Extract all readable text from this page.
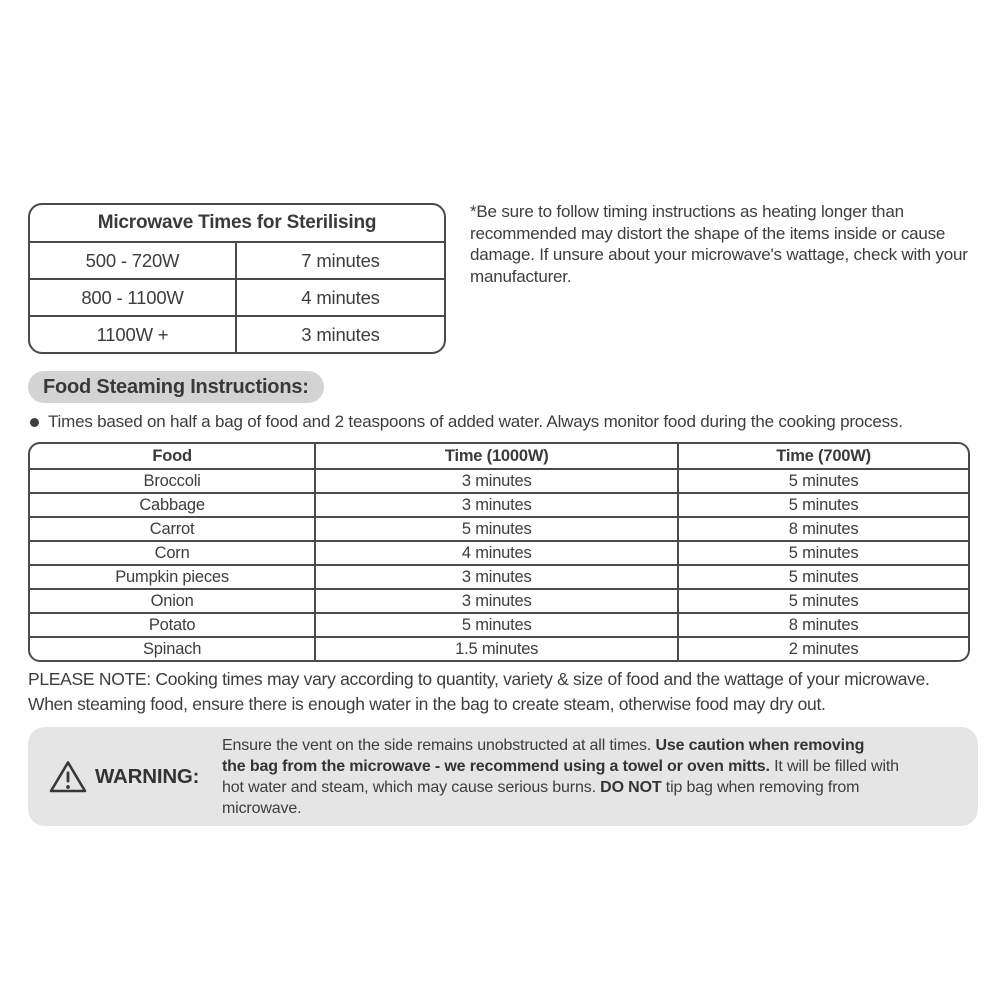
Microwave Times for Sterilising
500 - 720W	7 minutes
800 - 1100W	4 minutes
1100W +	3 minutes
*Be sure to follow timing instructions as heating longer than
recommended may distort the shape of the items inside or cause
damage. If unsure about your microwave's wattage, check with your
manufacturer.
Food Steaming Instructions:
Times based on half a bag of food and 2 teaspoons of added water. Always monitor food during the cooking process.
Food	Time (1000W)	Time (700W)
Broccoli	3 minutes	5 minutes
Cabbage	3 minutes	5 minutes
Carrot	5 minutes	8 minutes
Corn	4 minutes	5 minutes
Pumpkin pieces	3 minutes	5 minutes
Onion	3 minutes	5 minutes
Potato	5 minutes	8 minutes
Spinach	1.5 minutes	2 minutes
PLEASE NOTE: Cooking times may vary according to quantity, variety & size of food and the wattage of your microwave.
When steaming food, ensure there is enough water in the bag to create steam, otherwise food may dry out.
WARNING:
Ensure the vent on the side remains unobstructed at all times. Use caution when removing
the bag from the microwave - we recommend using a towel or oven mitts. It will be filled with
hot water and steam, which may cause serious burns. DO NOT tip bag when removing from
microwave.
